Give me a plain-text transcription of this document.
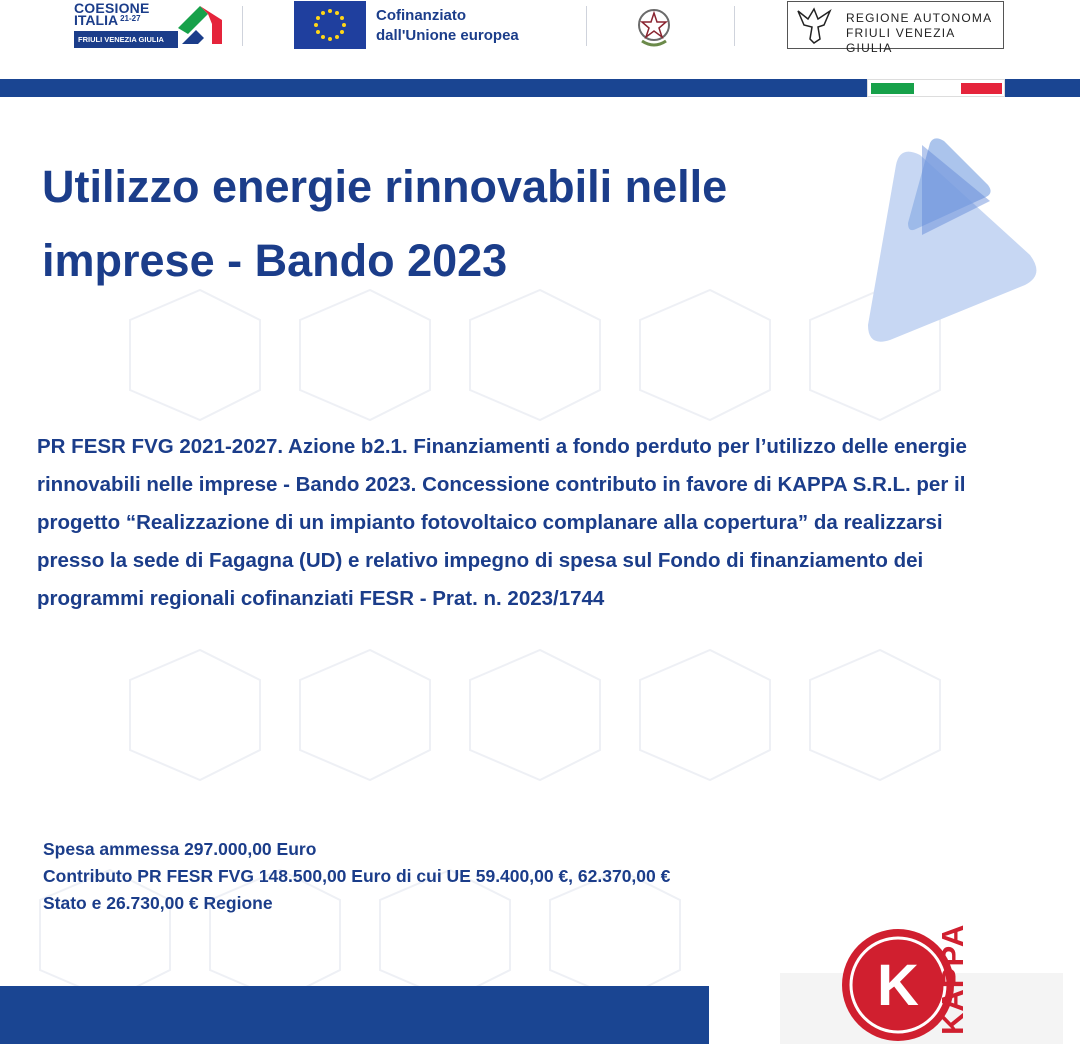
COESIONE
ITALIA $^{21-27}$
FRIULI VENEZIA GIULIA
Cofinanziato
dall'Unione europea
REGIONE AUTONOMA
FRIULI VENEZIA GIULIA
Utilizzo energie rinnovabili nelle
imprese - Bando 2023

PR FESR FVG 2021-2027. Azione b2.1. Finanziamenti a fondo perduto per l’utilizzo delle energie rinnovabili nelle imprese - Bando 2023. Concessione contributo in favore di KAPPA S.R.L. per il progetto “Realizzazione di un impianto fotovoltaico complanare alla copertura” da realizzarsi presso la sede di Fagagna (UD) e relativo impegno di spesa sul Fondo di finanziamento dei programmi regionali cofinanziati FESR - Prat. n. 2023/1744

Spesa ammessa 297.000,00 Euro
Contributo PR FESR FVG 148.500,00 Euro di cui UE 59.400,00 €, 62.370,00 €
Stato e 26.730,00 € Regione
K KAPPA
